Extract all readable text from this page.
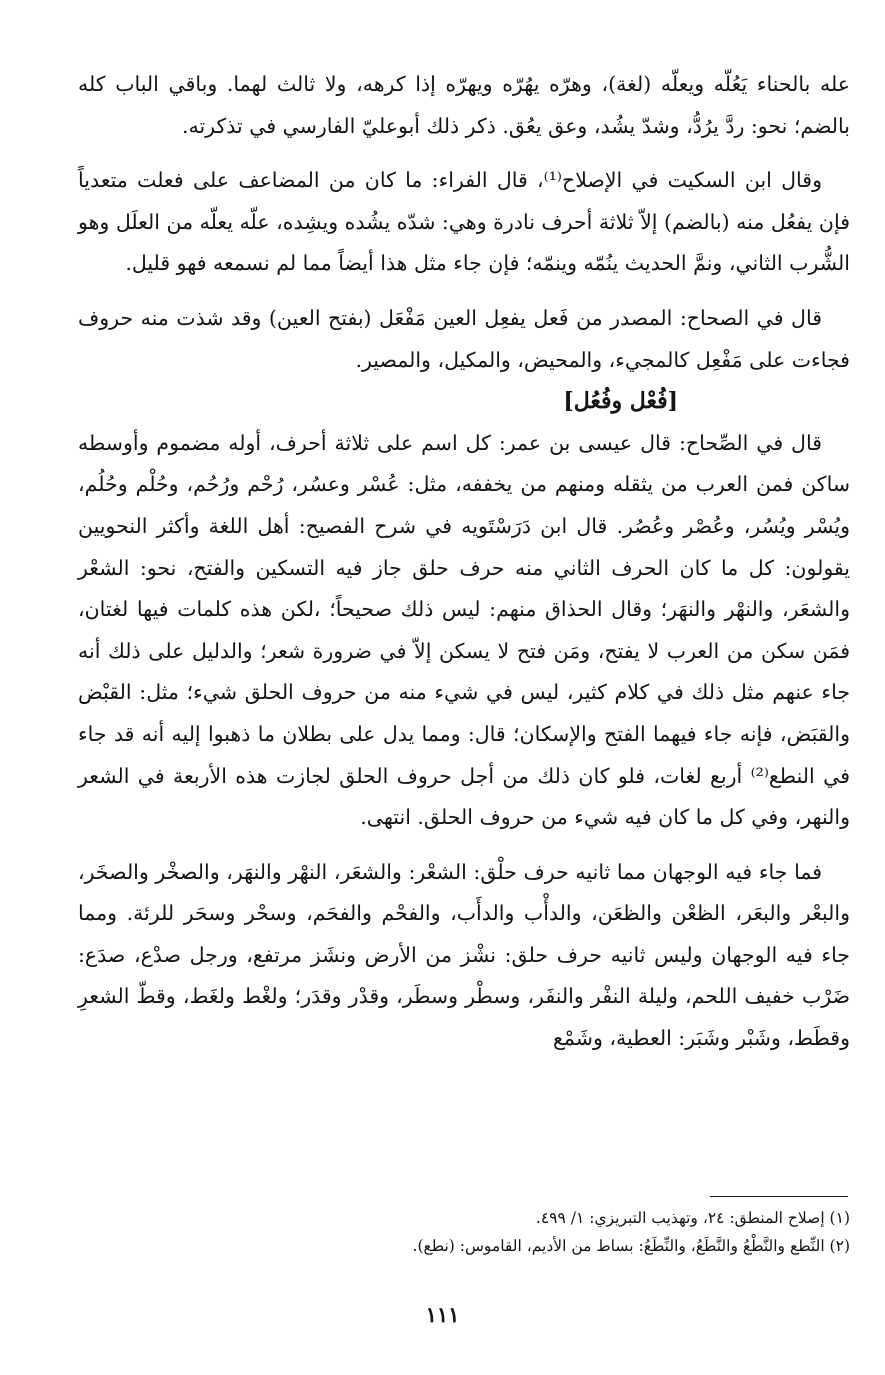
عله بالحناء يَعُلّه ويعلّه (لغة)، وهرّه يهُرّه ويهرّه إذا كرهه، ولا ثالث لهما. وباقي الباب كله بالضم؛ نحو: ردَّ يرُدُّ، وشدّ يشُد، وعق يعُق. ذكر ذلك أبوعليّ الفارسي في تذكرته.

وقال ابن السكيت في الإصلاح⁽¹⁾، قال الفراء: ما كان من المضاعف على فعلت متعدياً فإن يفعُل منه (بالضم) إلاّ ثلاثة أحرف نادرة وهي: شدّه يشُده ويشِده، علّه يعلّه من العلَل وهو الشُّرب الثاني، ونمَّ الحديث ينُمّه وينمّه؛ فإن جاء مثل هذا أيضاً مما لم نسمعه فهو قليل.

قال في الصحاح: المصدر من فَعل يفعِل العين مَفْعَل (بفتح العين) وقد شذت منه حروف فجاءت على مَفْعِل كالمجيء، والمحيض، والمكيل، والمصير.

[فُعْل وفُعُل]

قال في الصِّحاح: قال عيسى بن عمر: كل اسم على ثلاثة أحرف، أوله مضموم وأوسطه ساكن فمن العرب من يثقله ومنهم من يخففه، مثل: عُسْر وعسُر، رُحْم ورُحُم، وحُلْم وحُلُم، ويُسْر ويُسُر، وعُصْر وعُصُر. قال ابن دَرَسْتَويه في شرح الفصيح: أهل اللغة وأكثر النحويين يقولون: كل ما كان الحرف الثاني منه حرف حلق جاز فيه التسكين والفتح، نحو: الشعْر والشعَر، والنهْر والنهَر؛ وقال الحذاق منهم: ليس ذلك صحيحاً؛ ،لكن هذه كلمات فيها لغتان، فمَن سكن من العرب لا يفتح، ومَن فتح لا يسكن إلاّ في ضرورة شعر؛ والدليل على ذلك أنه جاء عنهم مثل ذلك في كلام كثير، ليس في شيء منه من حروف الحلق شيء؛ مثل: القبْض والقبَض، فإنه جاء فيهما الفتح والإسكان؛ قال: ومما يدل على بطلان ما ذهبوا إليه أنه قد جاء في النطع⁽²⁾ أربع لغات، فلو كان ذلك من أجل حروف الحلق لجازت هذه الأربعة في الشعر والنهر، وفي كل ما كان فيه شيء من حروف الحلق. انتهى.

فما جاء فيه الوجهان مما ثانيه حرف حلْق: الشعْر: والشعَر، النهْر والنهَر، والصخْر والصخَر، والبعْر والبعَر، الظعْن والظعَن، والدأْب والدأَب، والفحْم والفحَم، وسحْر وسحَر للرئة. ومما جاء فيه الوجهان وليس ثانيه حرف حلق: نشْز من الأرض ونشَز مرتفع، ورجل صدْع، صدَع: ضَرْب خفيف اللحم، وليلة النفْر والنفَر، وسطْر وسطَر، وقدْر وقدَر؛ ولغْط ولغَط، وقطّ الشعرِ وقطَط، وشَبْر وشَبَر: العطية، وشَمْع

(١) إصلاح المنطق: ٢٤، وتهذيب التبريزي: ١/ ٤٩٩.

(٢) النِّطع والنَّطْعُ والنَّطَعُ، والنِّطَعُ: بساط من الأديم، القاموس: (نطع).

١١١
